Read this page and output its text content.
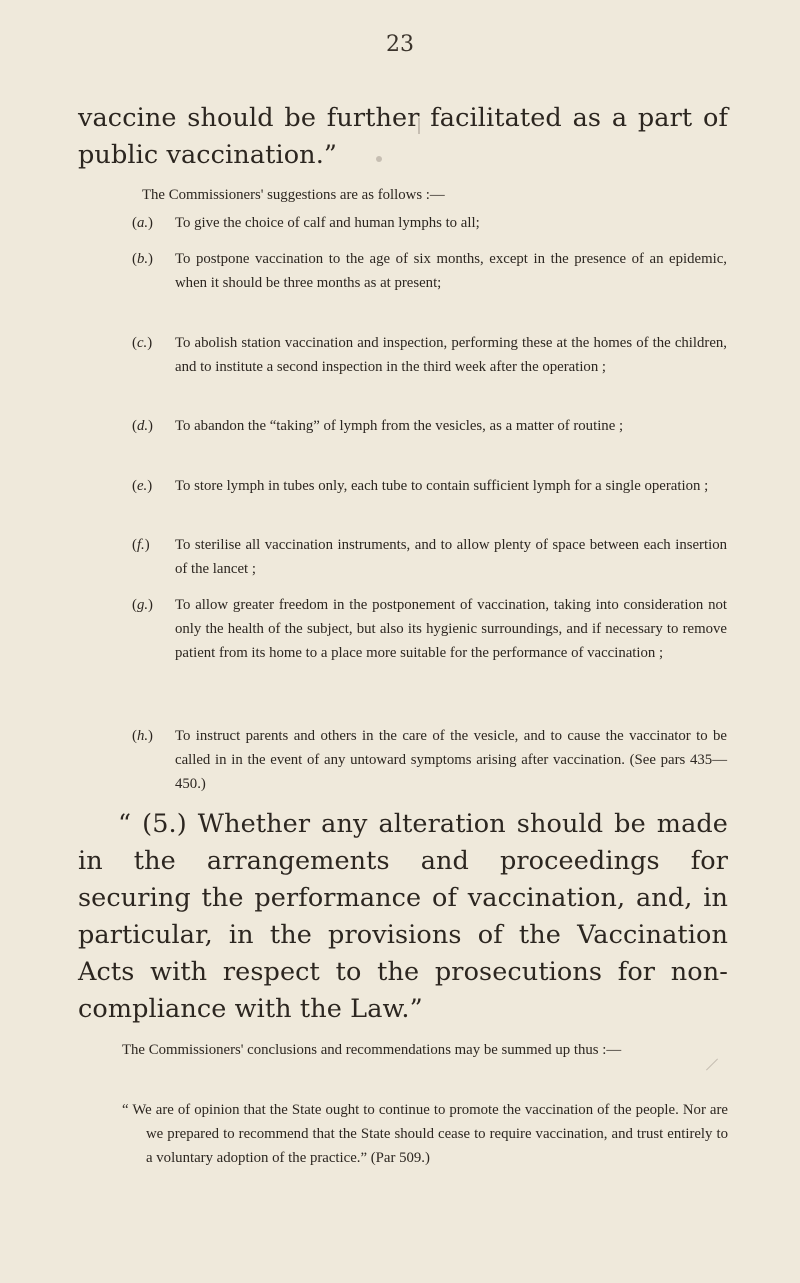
23
vaccine should be further facilitated as a part of public vaccination.”
The Commissioners' suggestions are as follows :—
(a.)	To give the choice of calf and human lymphs to all;
(b.)	To postpone vaccination to the age of six months, except in the presence of an epidemic, when it should be three months as at present;
(c.)	To abolish station vaccination and inspection, performing these at the homes of the children, and to institute a second inspection in the third week after the operation ;
(d.)	To abandon the “taking” of lymph from the vesicles, as a matter of routine ;
(e.)	To store lymph in tubes only, each tube to contain sufficient lymph for a single operation ;
(f.)	To sterilise all vaccination instruments, and to allow plenty of space between each insertion of the lancet ;
(g.)	To allow greater freedom in the postponement of vaccination, taking into consideration not only the health of the subject, but also its hygienic surroundings, and if necessary to remove patient from its home to a place more suitable for the performance of vaccination ;
(h.)	To instruct parents and others in the care of the vesicle, and to cause the vaccinator to be called in in the event of any untoward symptoms arising after vaccination. (See pars 435—450.)
“ (5.) Whether any alteration should be made in the arrangements and proceedings for securing the performance of vaccination, and, in particular, in the provisions of the Vaccination Acts with respect to the prosecutions for non-compliance with the Law.”
The Commissioners' conclusions and recommendations may be summed up thus :—
“ We are of opinion that the State ought to continue to promote the vaccination of the people. Nor are we prepared to recommend that the State should cease to require vaccination, and trust entirely to a voluntary adoption of the practice.” (Par 509.)
